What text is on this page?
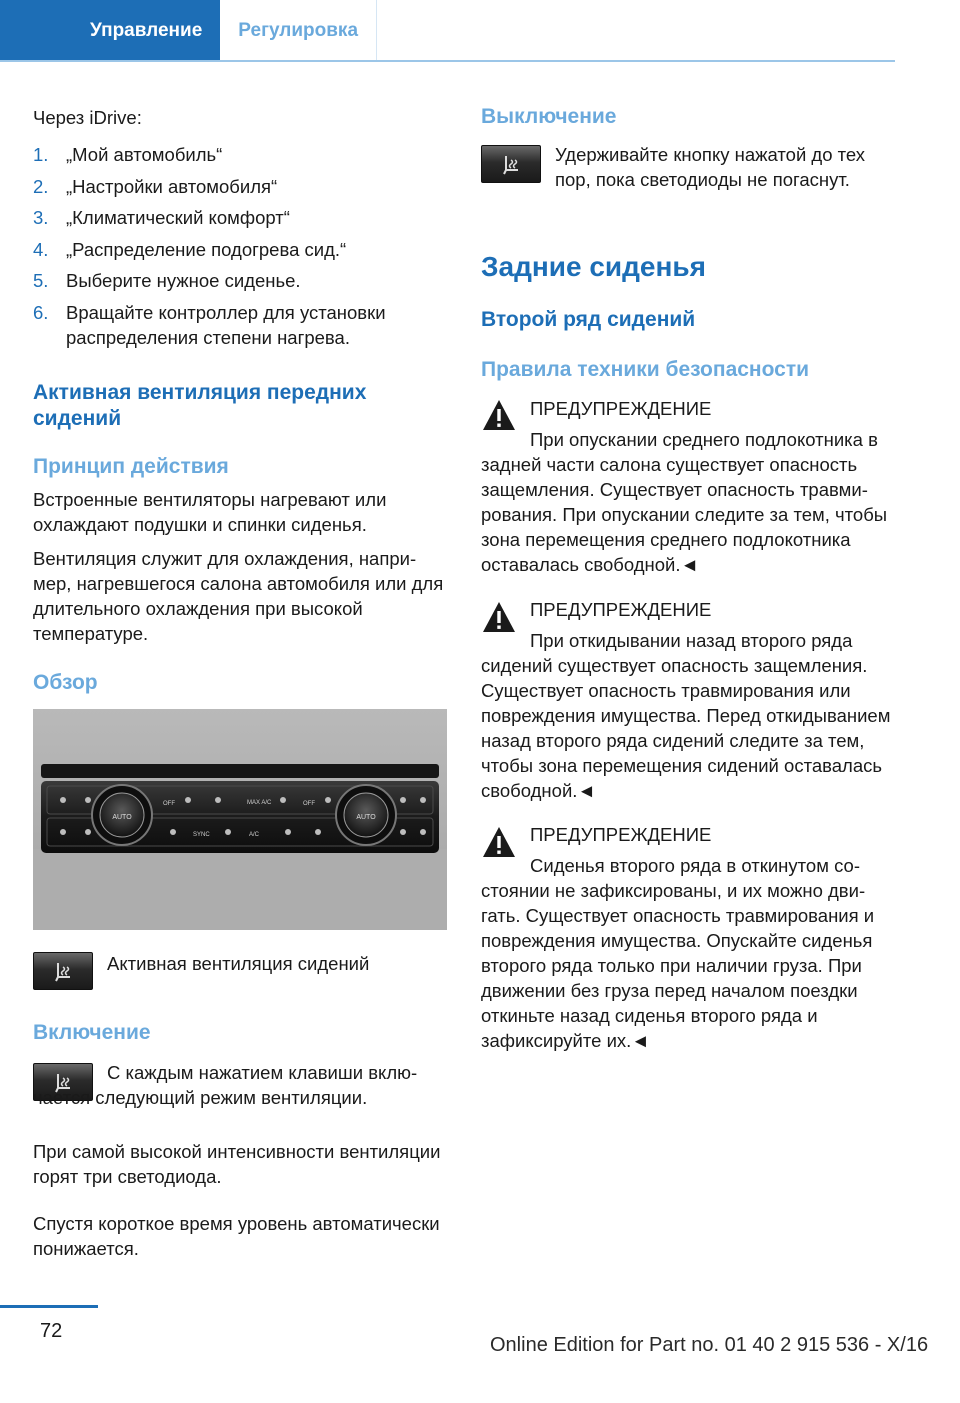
Управление	Регулировка

Через iDrive:

1. „Мой автомобиль“
2. „Настройки автомобиля“
3. „Климатический комфорт“
4. „Распределение подогрева сид.“
5. Выберите нужное сиденье.
6. Вращайте контроллер для установки распределения степени нагрева.

Активная вентиляция передних сидений

Принцип действия

Встроенные вентиляторы нагревают или охлаждают подушки и спинки сиденья.

Вентиляция служит для охлаждения, например, нагревшегося салона автомобиля или для длительного охлаждения при высокой температуре.

Обзор

AUTO	AUTO
OFF	MAX A/C	OFF
SYNC	A/C

Активная вентиляция сидений

Включение

С каждым нажатием клавиши включается следующий режим вентиляции.

При самой высокой интенсивности вентиляции горят три светодиода.

Спустя короткое время уровень автоматически понижается.

Выключение

Удерживайте кнопку нажатой до тех пор, пока светодиоды не погаснут.

Задние сиденья

Второй ряд сидений

Правила техники безопасности

ПРЕДУПРЕЖДЕНИЕ

При опускании среднего подлокотника в задней части салона существует опасность защемления. Существует опасность травмирования. При опускании следите за тем, чтобы зона перемещения среднего подлокотника оставалась свободной.◄

ПРЕДУПРЕЖДЕНИЕ

При откидывании назад второго ряда сидений существует опасность защемления. Существует опасность травмирования или повреждения имущества. Перед откидыванием назад второго ряда сидений следите за тем, чтобы зона перемещения сидений оставалась свободной.◄

ПРЕДУПРЕЖДЕНИЕ

Сиденья второго ряда в откинутом состоянии не зафиксированы, и их можно двигать. Существует опасность травмирования и повреждения имущества. Опускайте сиденья второго ряда только при наличии груза. При движении без груза перед началом поездки откиньте назад сиденья второго ряда и зафиксируйте их.◄

72
Online Edition for Part no. 01 40 2 915 536 - X/16
